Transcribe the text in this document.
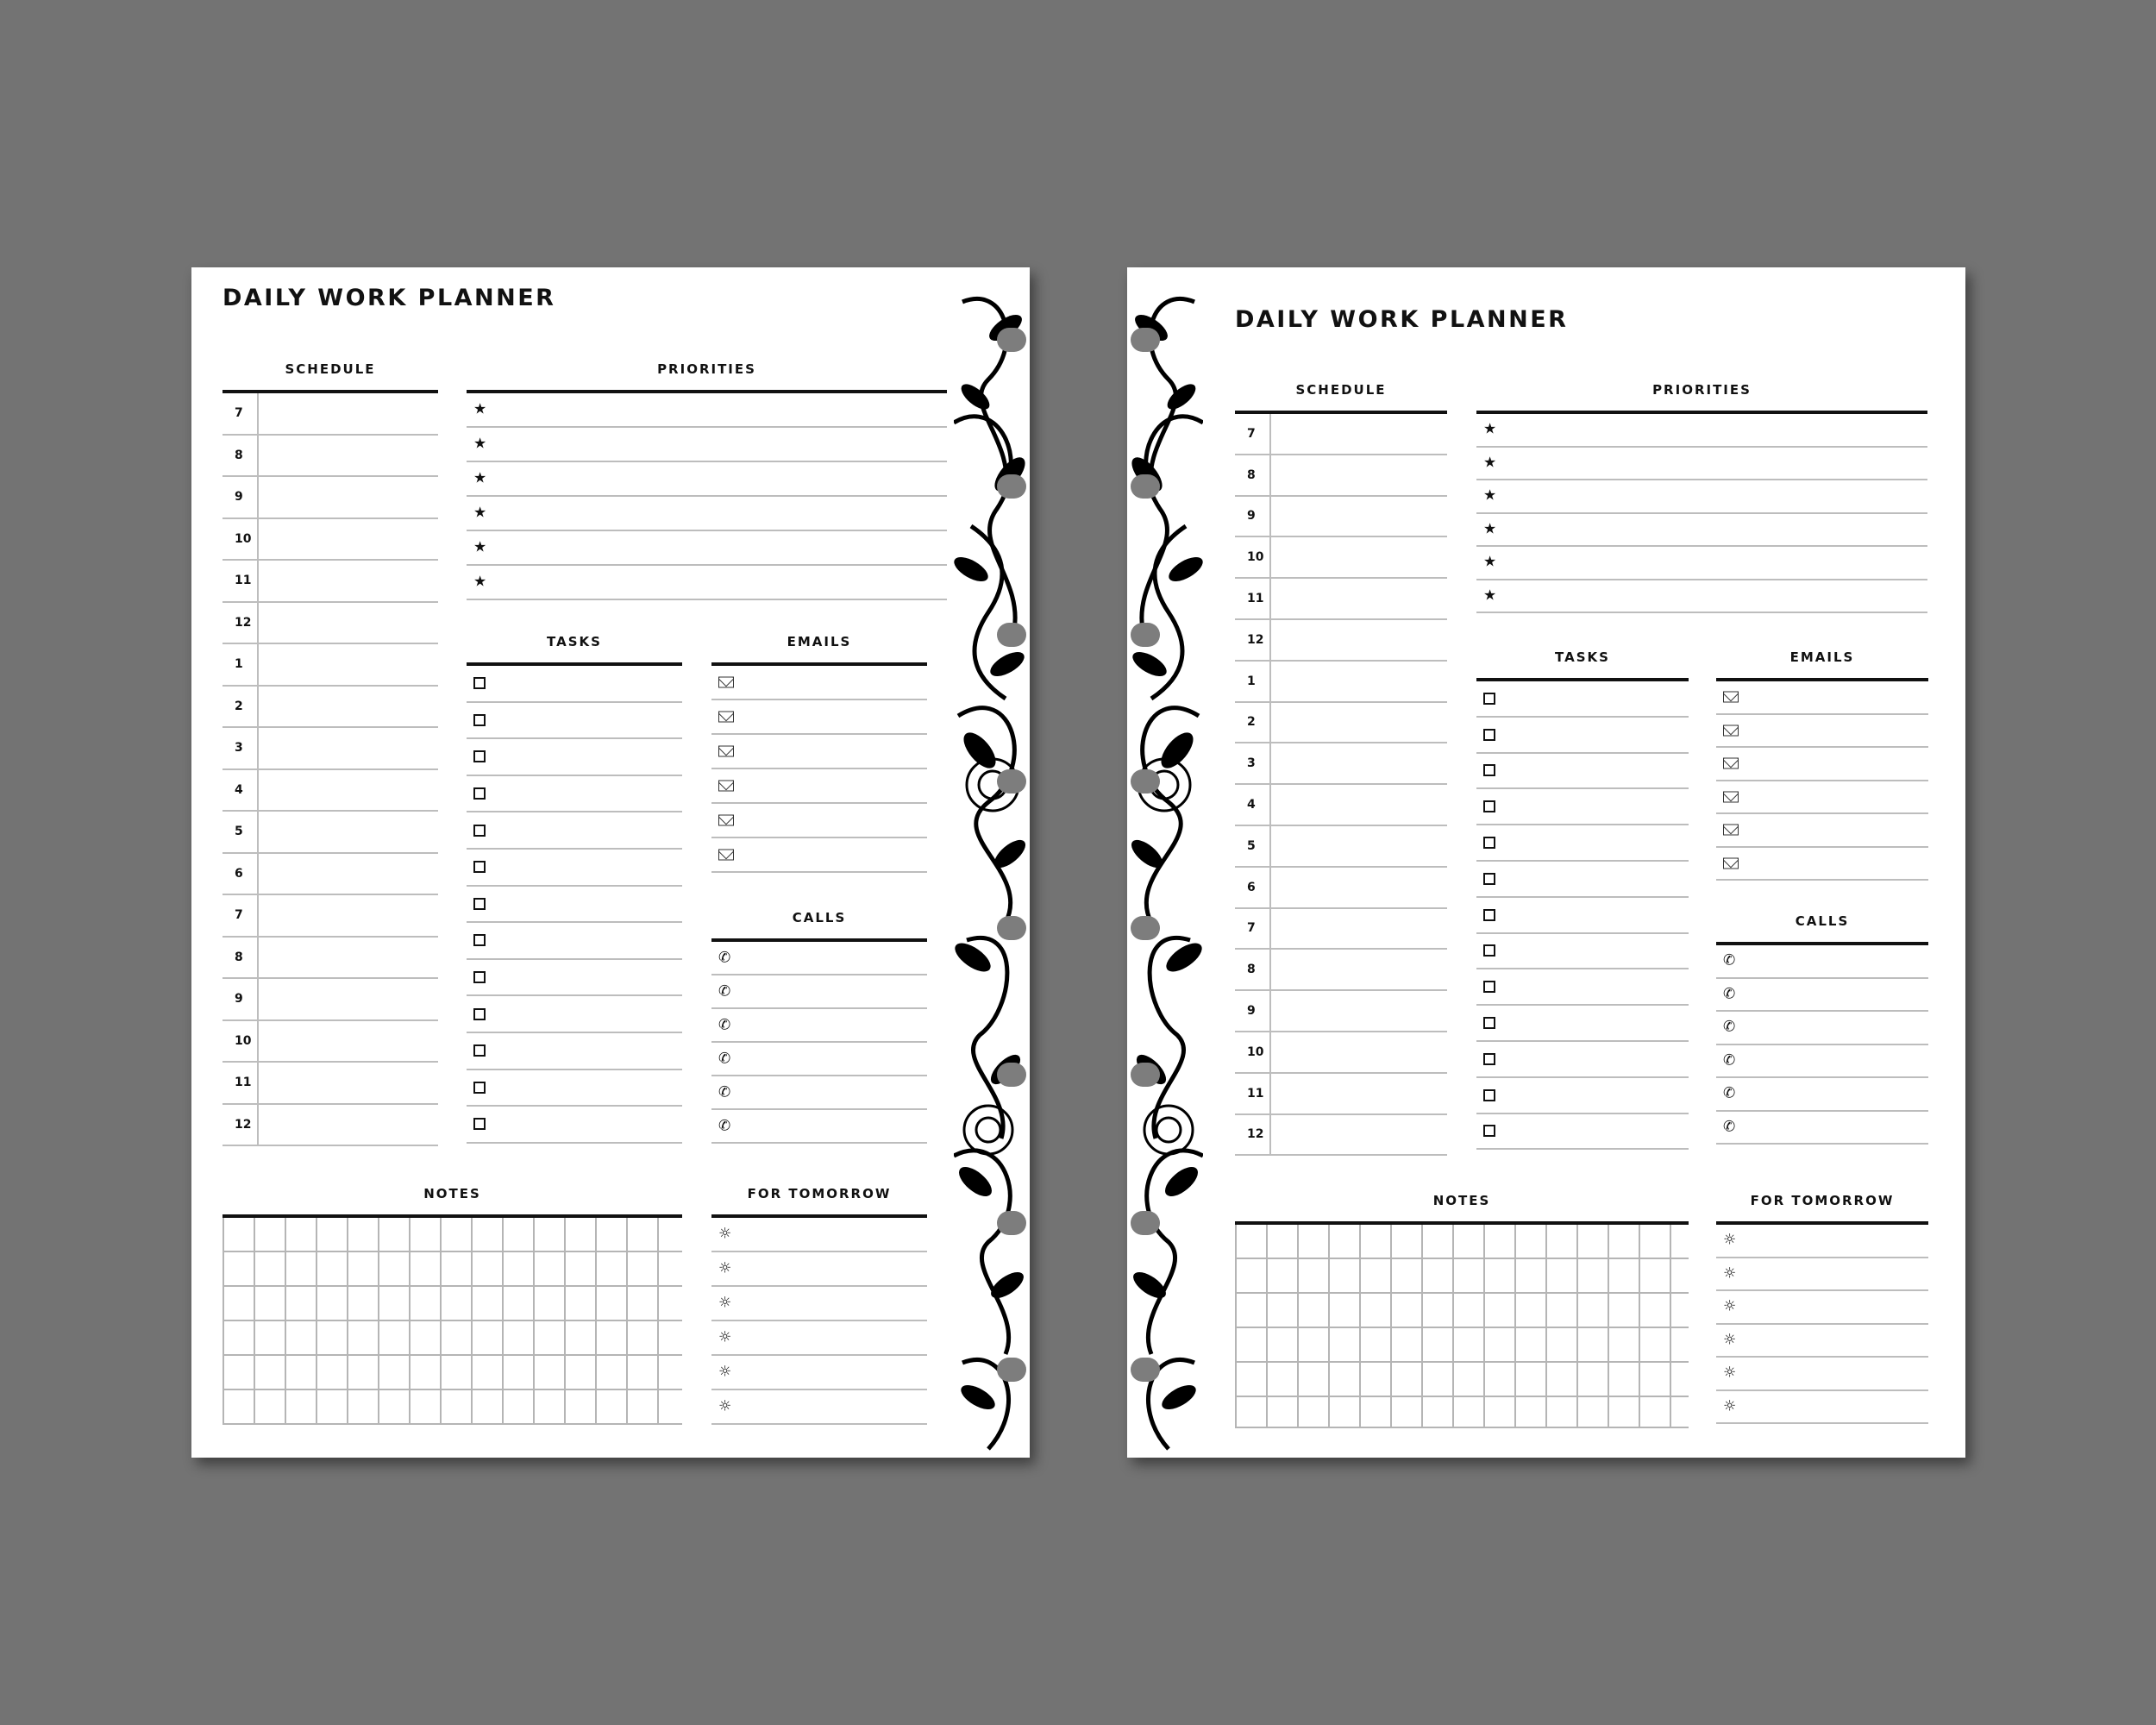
DAILY WORK PLANNER
SCHEDULE
7
8
9
10
11
12
1
2
3
4
5
6
7
8
9
10
11
12
PRIORITIES
★
★
★
★
★
★
TASKS	EMAILS
CALLS
✆
✆
✆
✆
✆
✆
NOTES	FOR TOMORROW
☼
☼
☼
☼
☼
☼
DAILY WORK PLANNER
SCHEDULE
7
8
9
10
11
12
1
2
3
4
5
6
7
8
9
10
11
12
PRIORITIES
★
★
★
★
★
★
TASKS	EMAILS
CALLS
✆
✆
✆
✆
✆
✆
NOTES	FOR TOMORROW
☼
☼
☼
☼
☼
☼
